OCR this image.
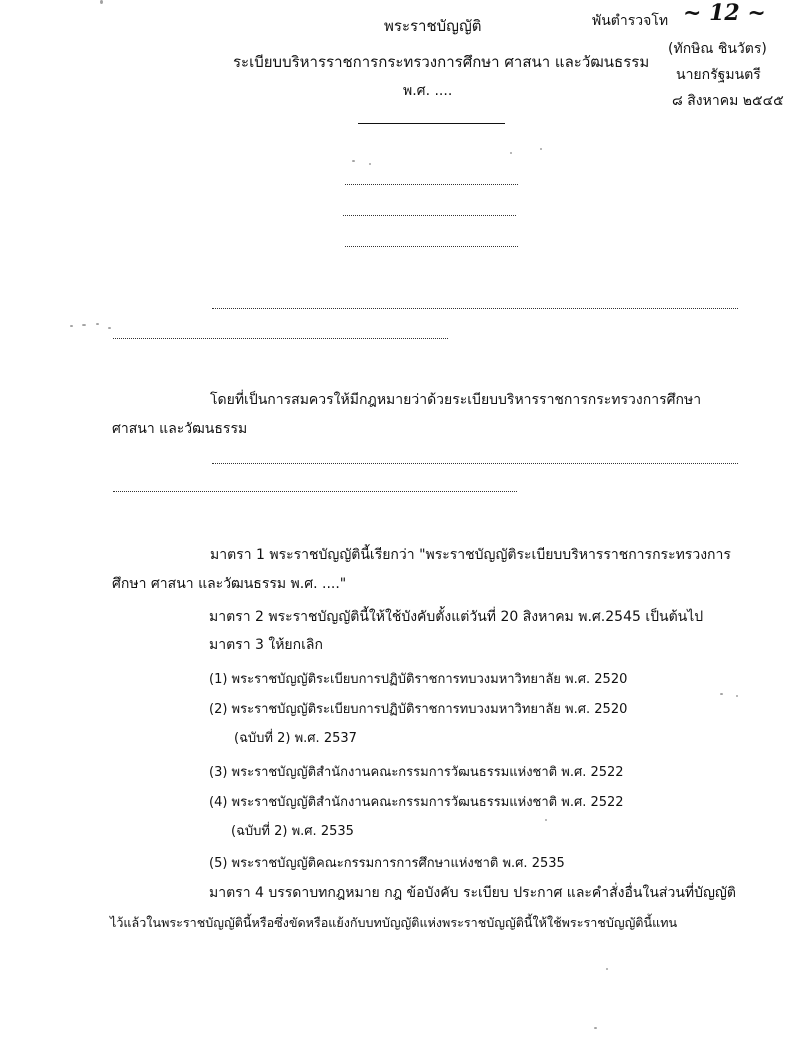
พระราชบัญญัติ
ระเบียบบริหารราชการกระทรวงการศึกษา ศาสนา และวัฒนธรรม
พ.ศ. ....
พันตำรวจโท ~ 12 ~
(ทักษิณ ชินวัตร)
นายกรัฐมนตรี
๘ สิงหาคม ๒๕๔๕
โดยที่เป็นการสมควรให้มีกฎหมายว่าด้วยระเบียบบริหารราชการกระทรวงการศึกษา
ศาสนา และวัฒนธรรม
มาตรา 1 พระราชบัญญัตินี้เรียกว่า "พระราชบัญญัติระเบียบบริหารราชการกระทรวงการ
ศึกษา ศาสนา และวัฒนธรรม พ.ศ. ...."
มาตรา 2 พระราชบัญญัตินี้ให้ใช้บังคับตั้งแต่วันที่ 20 สิงหาคม พ.ศ.2545 เป็นต้นไป
มาตรา 3 ให้ยกเลิก
(1) พระราชบัญญัติระเบียบการปฏิบัติราชการทบวงมหาวิทยาลัย พ.ศ. 2520
(2) พระราชบัญญัติระเบียบการปฏิบัติราชการทบวงมหาวิทยาลัย พ.ศ. 2520
(ฉบับที่ 2) พ.ศ. 2537
(3) พระราชบัญญัติสำนักงานคณะกรรมการวัฒนธรรมแห่งชาติ พ.ศ. 2522
(4) พระราชบัญญัติสำนักงานคณะกรรมการวัฒนธรรมแห่งชาติ พ.ศ. 2522
(ฉบับที่ 2) พ.ศ. 2535
(5) พระราชบัญญัติคณะกรรมการการศึกษาแห่งชาติ พ.ศ. 2535
มาตรา 4 บรรดาบทกฎหมาย กฎ ข้อบังคับ ระเบียบ ประกาศ และคำสั่งอื่นในส่วนที่บัญญัติ
ไว้แล้วในพระราชบัญญัตินี้หรือซึ่งขัดหรือแย้งกับบทบัญญัติแห่งพระราชบัญญัตินี้ให้ใช้พระราชบัญญัตินี้แทน
